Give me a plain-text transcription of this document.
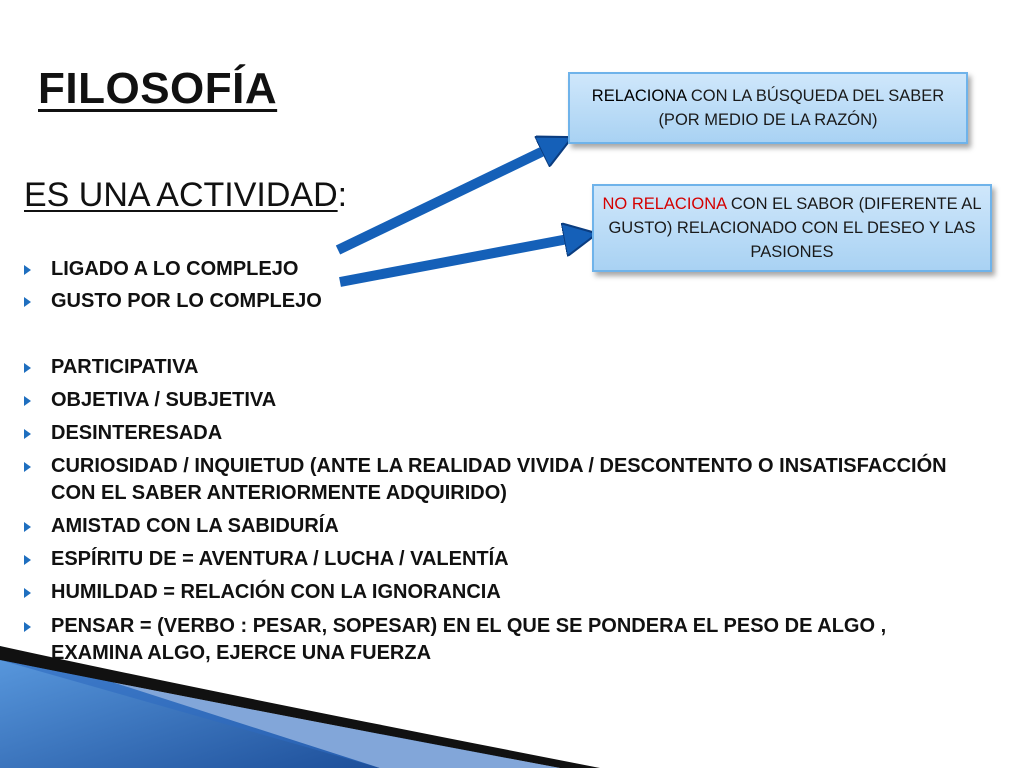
FILOSOFÍA
ES UNA ACTIVIDAD:
LIGADO A LO COMPLEJO
GUSTO POR LO COMPLEJO
PARTICIPATIVA
OBJETIVA / SUBJETIVA
DESINTERESADA
CURIOSIDAD / INQUIETUD (ANTE LA REALIDAD VIVIDA / DESCONTENTO O INSATISFACCIÓN CON EL SABER ANTERIORMENTE ADQUIRIDO)
AMISTAD CON LA SABIDURÍA
ESPÍRITU DE = AVENTURA / LUCHA / VALENTÍA
HUMILDAD = RELACIÓN CON LA IGNORANCIA
PENSAR = (VERBO : PESAR, SOPESAR) EN EL QUE SE PONDERA EL PESO DE ALGO , EXAMINA ALGO, EJERCE UNA FUERZA
RELACIONA CON LA BÚSQUEDA DEL SABER (POR MEDIO DE LA RAZÓN)
NO RELACIONA CON EL SABOR (DIFERENTE AL GUSTO) RELACIONADO CON EL DESEO Y LAS PASIONES
